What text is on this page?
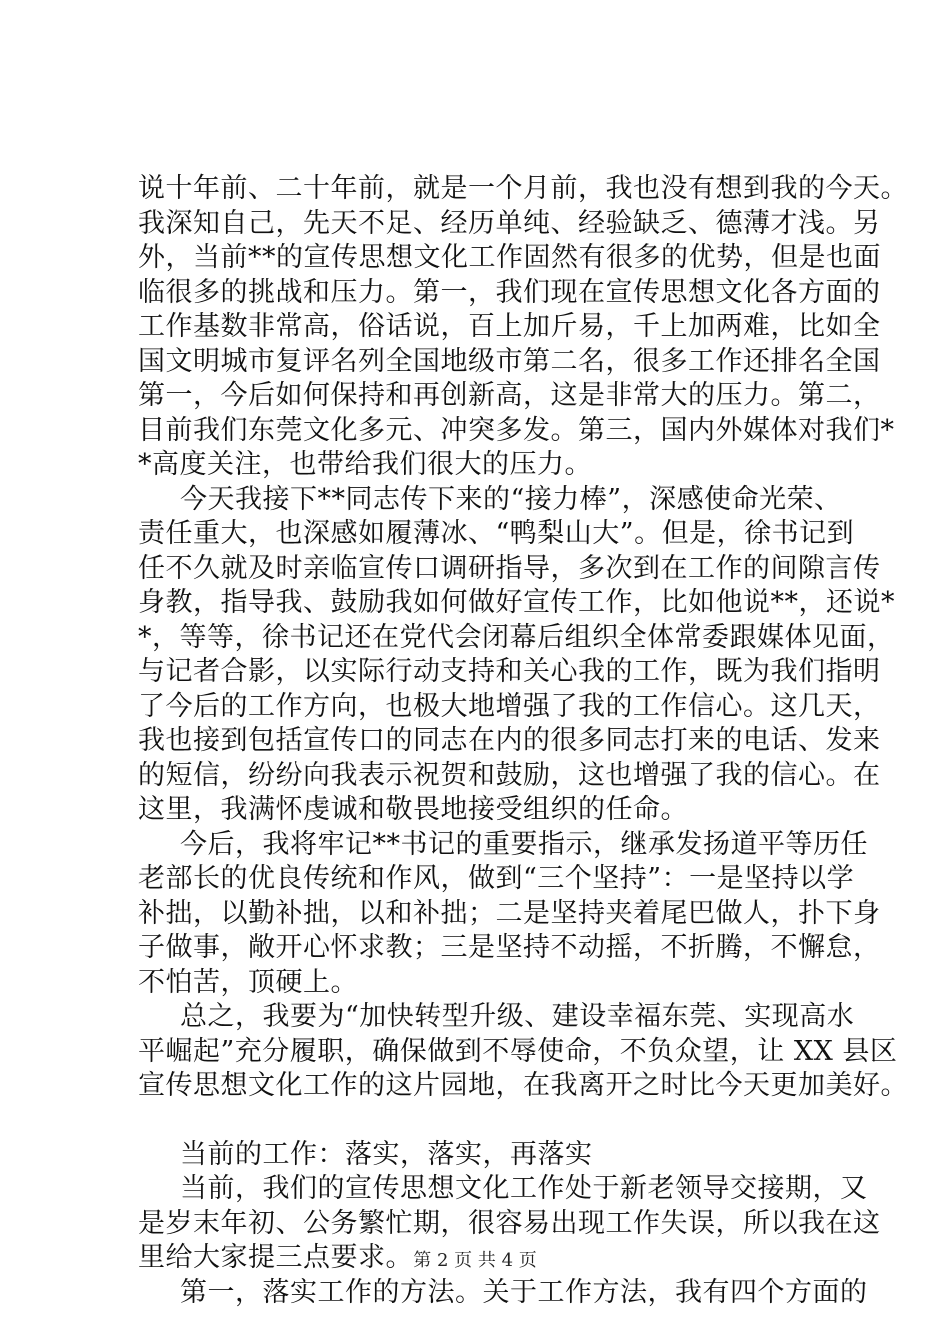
说十年前、二十年前，就是一个月前，我也没有想到我的今天。
我深知自己，先天不足、经历单纯、经验缺乏、德薄才浅。另
外，当前**的宣传思想文化工作固然有很多的优势，但是也面
临很多的挑战和压力。第一，我们现在宣传思想文化各方面的
工作基数非常高，俗话说，百上加斤易，千上加两难，比如全
国文明城市复评名列全国地级市第二名，很多工作还排名全国
第一，今后如何保持和再创新高，这是非常大的压力。第二，
目前我们东莞文化多元、冲突多发。第三，国内外媒体对我们*
*高度关注，也带给我们很大的压力。
今天我接下**同志传下来的“接力棒”，深感使命光荣、
责任重大，也深感如履薄冰、“鸭梨山大”。但是，徐书记到
任不久就及时亲临宣传口调研指导，多次到在工作的间隙言传
身教，指导我、鼓励我如何做好宣传工作，比如他说**，还说*
*，等等，徐书记还在党代会闭幕后组织全体常委跟媒体见面，
与记者合影，以实际行动支持和关心我的工作，既为我们指明
了今后的工作方向，也极大地增强了我的工作信心。这几天，
我也接到包括宣传口的同志在内的很多同志打来的电话、发来
的短信，纷纷向我表示祝贺和鼓励，这也增强了我的信心。在
这里，我满怀虔诚和敬畏地接受组织的任命。
今后，我将牢记**书记的重要指示，继承发扬道平等历任
老部长的优良传统和作风，做到“三个坚持”：一是坚持以学
补拙，以勤补拙，以和补拙；二是坚持夹着尾巴做人，扑下身
子做事，敞开心怀求教；三是坚持不动摇，不折腾，不懈怠，
不怕苦，顶硬上。
总之，我要为“加快转型升级、建设幸福东莞、实现高水
平崛起”充分履职，确保做到不辱使命，不负众望，让 XX 县区
宣传思想文化工作的这片园地，在我离开之时比今天更加美好。
当前的工作：落实，落实，再落实
当前，我们的宣传思想文化工作处于新老领导交接期，又
是岁末年初、公务繁忙期，很容易出现工作失误，所以我在这
里给大家提三点要求。
第一，落实工作的方法。关于工作方法，我有四个方面的
第 2 页 共 4 页
